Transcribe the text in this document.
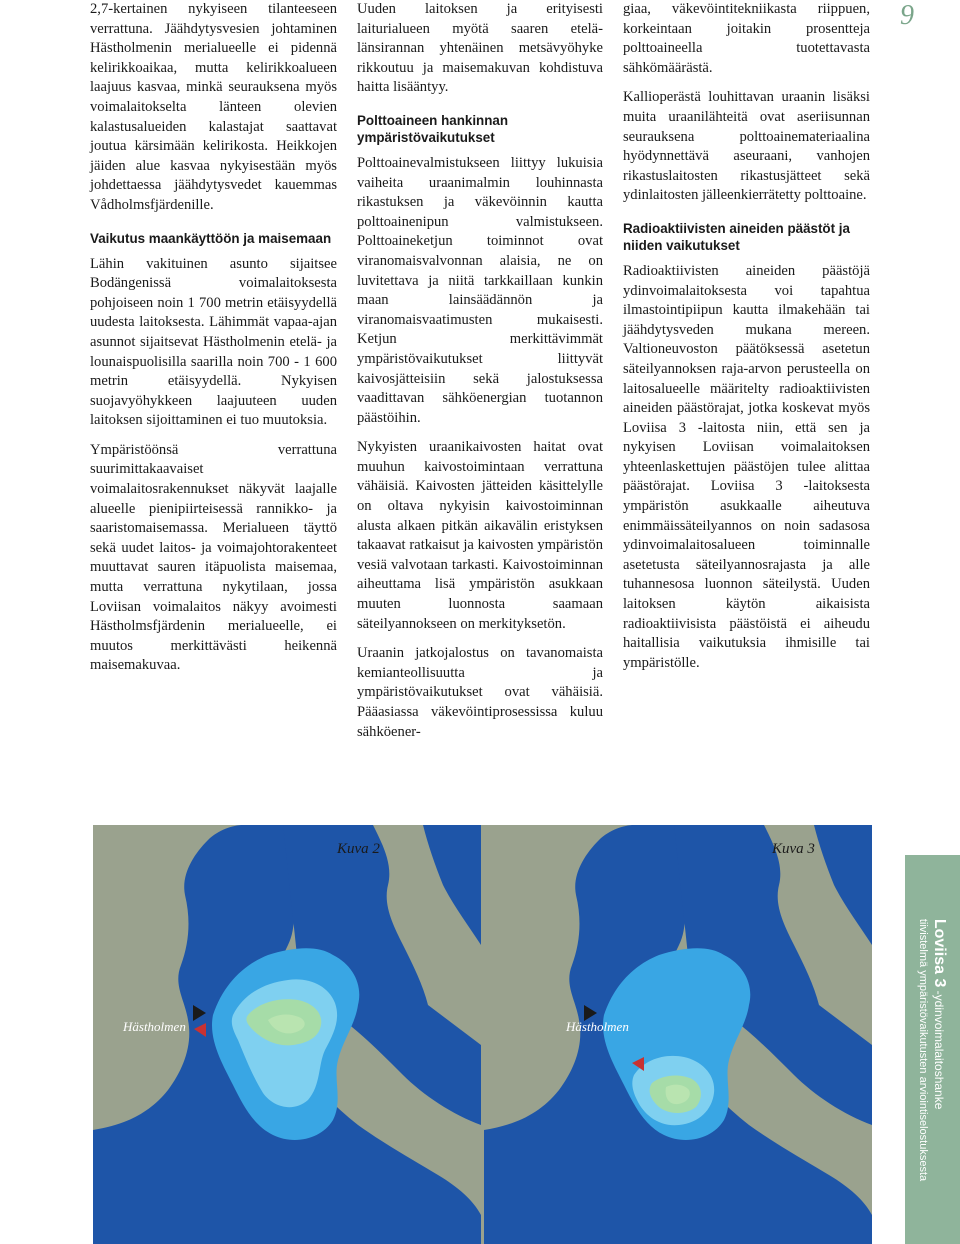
9

2,7-kertainen nykyiseen tilanteeseen verrattuna. Jäähdytysvesien johtaminen Hästholmenin merialueelle ei pidennä kelirikkoaikaa, mutta kelirikkoalueen laajuus kasvaa, minkä seurauksena myös voimalaitokselta länteen olevien kalastusalueiden kalastajat saattavat joutua kärsimään kelirikosta. Heikkojen jäiden alue kasvaa nykyisestään myös johdettaessa jäähdytysvedet kauemmas Vådholmsfjärdenille.

Vaikutus maankäyttöön ja maisemaan

Lähin vakituinen asunto sijaitsee Bodängenissä voimalaitoksesta pohjoiseen noin 1 700 metrin etäisyydellä uudesta laitoksesta. Lähimmät vapaa-ajan asunnot sijaitsevat Hästholmenin etelä- ja lounaispuolisilla saarilla noin 700 - 1 600 metrin etäisyydellä. Nykyisen suojavyöhykkeen laajuuteen uuden laitoksen sijoittaminen ei tuo muutoksia.

Ympäristöönsä verrattuna suurimittakaavaiset voimalaitosrakennukset näkyvät laajalle alueelle pienipiirteisessä rannikko- ja saaristomaisemassa. Merialueen täyttö sekä uudet laitos- ja voimajohtorakenteet muuttavat sauren itäpuolista maisemaa, mutta verrattuna nykytilaan, jossa Loviisan voimalaitos näkyy avoimesti Hästholmsfjärdenin merialueelle, ei muutos merkittävästi heikennä maisemakuvaa.

Uuden laitoksen ja erityisesti laiturialueen myötä saaren etelä-länsirannan yhtenäinen metsävyöhyke rikkoutuu ja maisemakuvan kohdistuva haitta lisääntyy.

Polttoaineen hankinnan ympäristövaikutukset

Polttoainevalmistukseen liittyy lukuisia vaiheita uraanimalmin louhinnasta rikastuksen ja väkevöinnin kautta polttoainenipun valmistukseen. Polttoaineketjun toiminnot ovat viranomaisvalvonnan alaisia, ne on luvitettava ja niitä tarkkaillaan kunkin maan lainsäädännön ja viranomaisvaatimusten mukaisesti. Ketjun merkittävimmät ympäristövaikutukset liittyvät kaivosjätteisiin sekä jalostuksessa vaadittavan sähköenergian tuotannon päästöihin.

Nykyisten uraanikaivosten haitat ovat muuhun kaivostoimintaan verrattuna vähäisiä. Kaivosten jätteiden käsittelylle on oltava nykyisin kaivostoiminnan alusta alkaen pitkän aikavälin eristyksen takaavat ratkaisut ja kaivosten ympäristön vesiä valvotaan tarkasti. Kaivostoiminnan aiheuttama lisä ympäristön asukkaan muuten luonnosta saamaan säteilyannokseen on merkityksetön.

Uraanin jatkojalostus on tavanomaista kemianteollisuutta ja ympäristövaikutukset ovat vähäisiä. Pääasiassa väkevöintiprosessissa kuluu sähköener-

giaa, väkevöintitekniikasta riippuen, korkeintaan joitakin prosentteja polttoaineella tuotettavasta sähkömäärästä.

Kallioperästä louhittavan uraanin lisäksi muita uraanilähteitä ovat aseriisunnan seurauksena polttoainemateriaalina hyödynnettävä aseuraani, vanhojen rikastuslaitosten rikastusjätteet sekä ydinlaitosten jälleenkierrätetty polttoaine.

Radioaktiivisten aineiden päästöt ja niiden vaikutukset

Radioaktiivisten aineiden päästöjä ydinvoimalaitoksesta voi tapahtua ilmastointipiipun kautta ilmakehään tai jäähdytysveden mukana mereen. Valtioneuvoston päätöksessä asetetun säteilyannoksen raja-arvon perusteella on laitosalueelle määritelty radioaktiivisten aineiden päästörajat, jotka koskevat myös Loviisa 3 -laitosta niin, että sen ja nykyisen Loviisan voimalaitoksen yhteenlaskettujen päästöjen tulee alittaa päästörajat. Loviisa 3 -laitoksesta ympäristön asukkaalle aiheutuva enimmäissäteilyannos on noin sadasosa ydinvoimalaitosalueen toiminnalle asetetusta säteilyannosrajasta ja alle tuhannesosa luonnon säteilystä. Uuden laitoksen käytön aikaisista radioaktiivisista päästöistä ei aiheudu haitallisia vaikutuksia ihmisille tai ympäristölle.

Hästholmen
Kuva 2
Hästholmen
Kuva 3
Loviisa 3 -ydinvoimalaitoshanke
tiivistelmä ympäristövaikutusten arviointiselostuksesta
